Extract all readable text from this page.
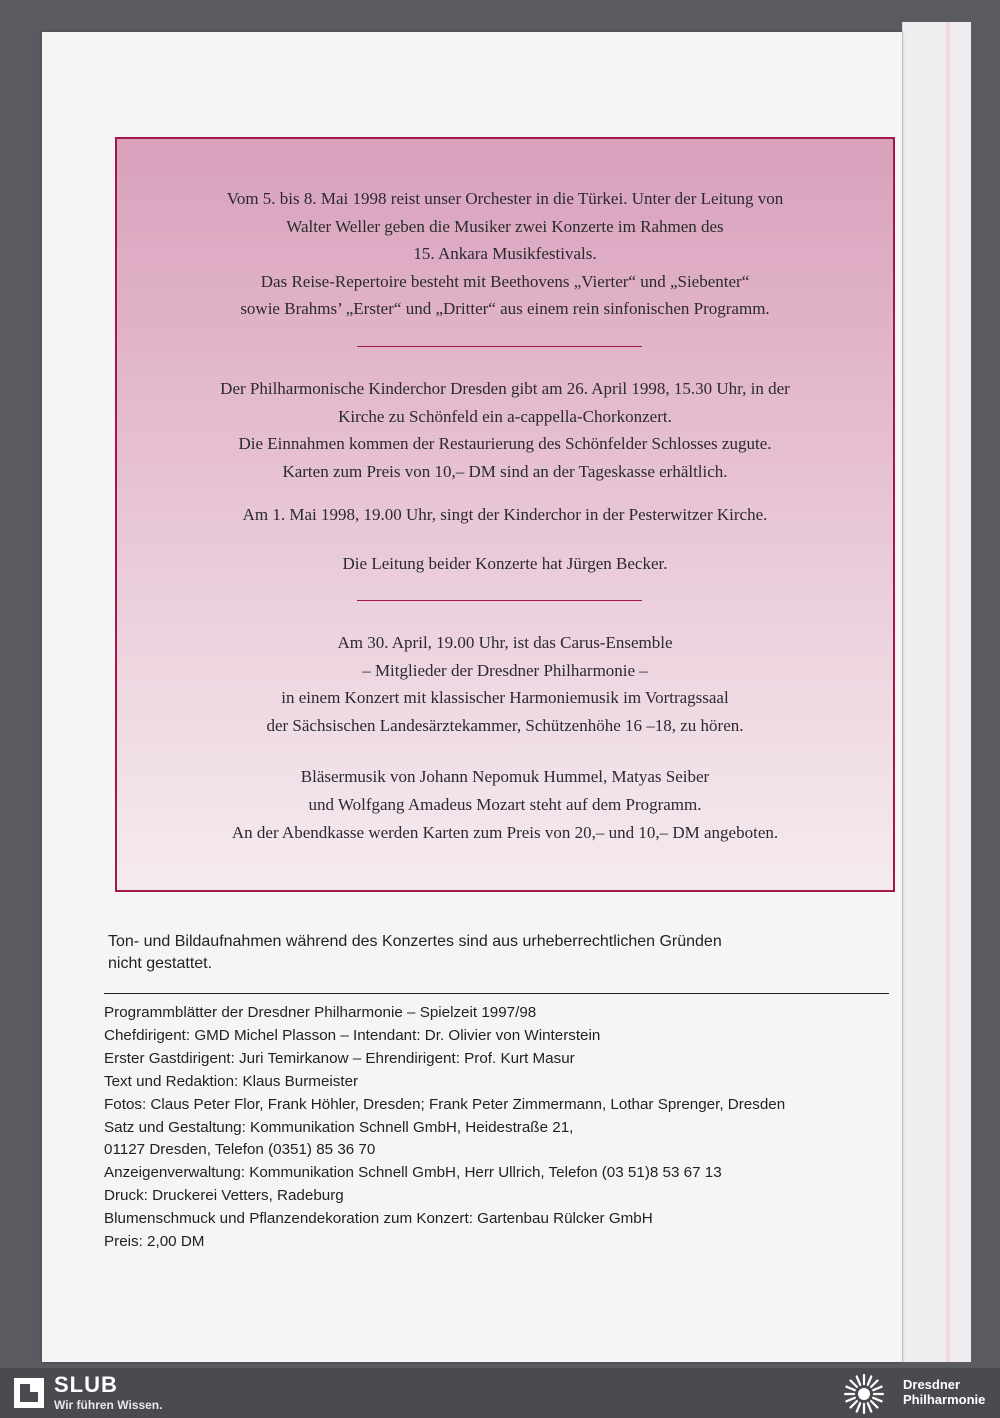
Vom 5. bis 8. Mai 1998 reist unser Orchester in die Türkei. Unter der Leitung von
Walter Weller geben die Musiker zwei Konzerte im Rahmen des
15. Ankara Musikfestivals.
Das Reise-Repertoire besteht mit Beethovens „Vierter“ und „Siebenter“
sowie Brahms’ „Erster“ und „Dritter“ aus einem rein sinfonischen Programm.
Der Philharmonische Kinderchor Dresden gibt am 26. April 1998, 15.30 Uhr, in der
Kirche zu Schönfeld ein a-cappella-Chorkonzert.
Die Einnahmen kommen der Restaurierung des Schönfelder Schlosses zugute.
Karten zum Preis von 10,– DM sind an der Tageskasse erhältlich.
Am 1. Mai 1998, 19.00 Uhr, singt der Kinderchor in der Pesterwitzer Kirche.
Die Leitung beider Konzerte hat Jürgen Becker.
Am 30. April, 19.00 Uhr, ist das Carus-Ensemble
– Mitglieder der Dresdner Philharmonie –
in einem Konzert mit klassischer Harmoniemusik im Vortragssaal
der Sächsischen Landesärztekammer, Schützenhöhe 16 –18, zu hören.
Bläsermusik von Johann Nepomuk Hummel, Matyas Seiber
und Wolfgang Amadeus Mozart steht auf dem Programm.
An der Abendkasse werden Karten zum Preis von 20,– und 10,– DM angeboten.
Ton- und Bildaufnahmen während des Konzertes sind aus urheberrechtlichen Gründen
nicht gestattet.
Programmblätter der Dresdner Philharmonie – Spielzeit 1997/98
Chefdirigent: GMD Michel Plasson – Intendant: Dr. Olivier von Winterstein
Erster Gastdirigent: Juri Temirkanow – Ehrendirigent: Prof. Kurt Masur
Text und Redaktion: Klaus Burmeister
Fotos: Claus Peter Flor, Frank Höhler, Dresden; Frank Peter Zimmermann, Lothar Sprenger, Dresden
Satz und Gestaltung: Kommunikation Schnell GmbH, Heidestraße 21,
01127 Dresden, Telefon (0351) 85 36 70
Anzeigenverwaltung: Kommunikation Schnell GmbH, Herr Ullrich, Telefon (03 51)8 53 67 13
Druck: Druckerei Vetters, Radeburg
Blumenschmuck und Pflanzendekoration zum Konzert: Gartenbau Rülcker GmbH
Preis: 2,00 DM
SLUB
Wir führen Wissen.
Dresdner
Philharmonie
